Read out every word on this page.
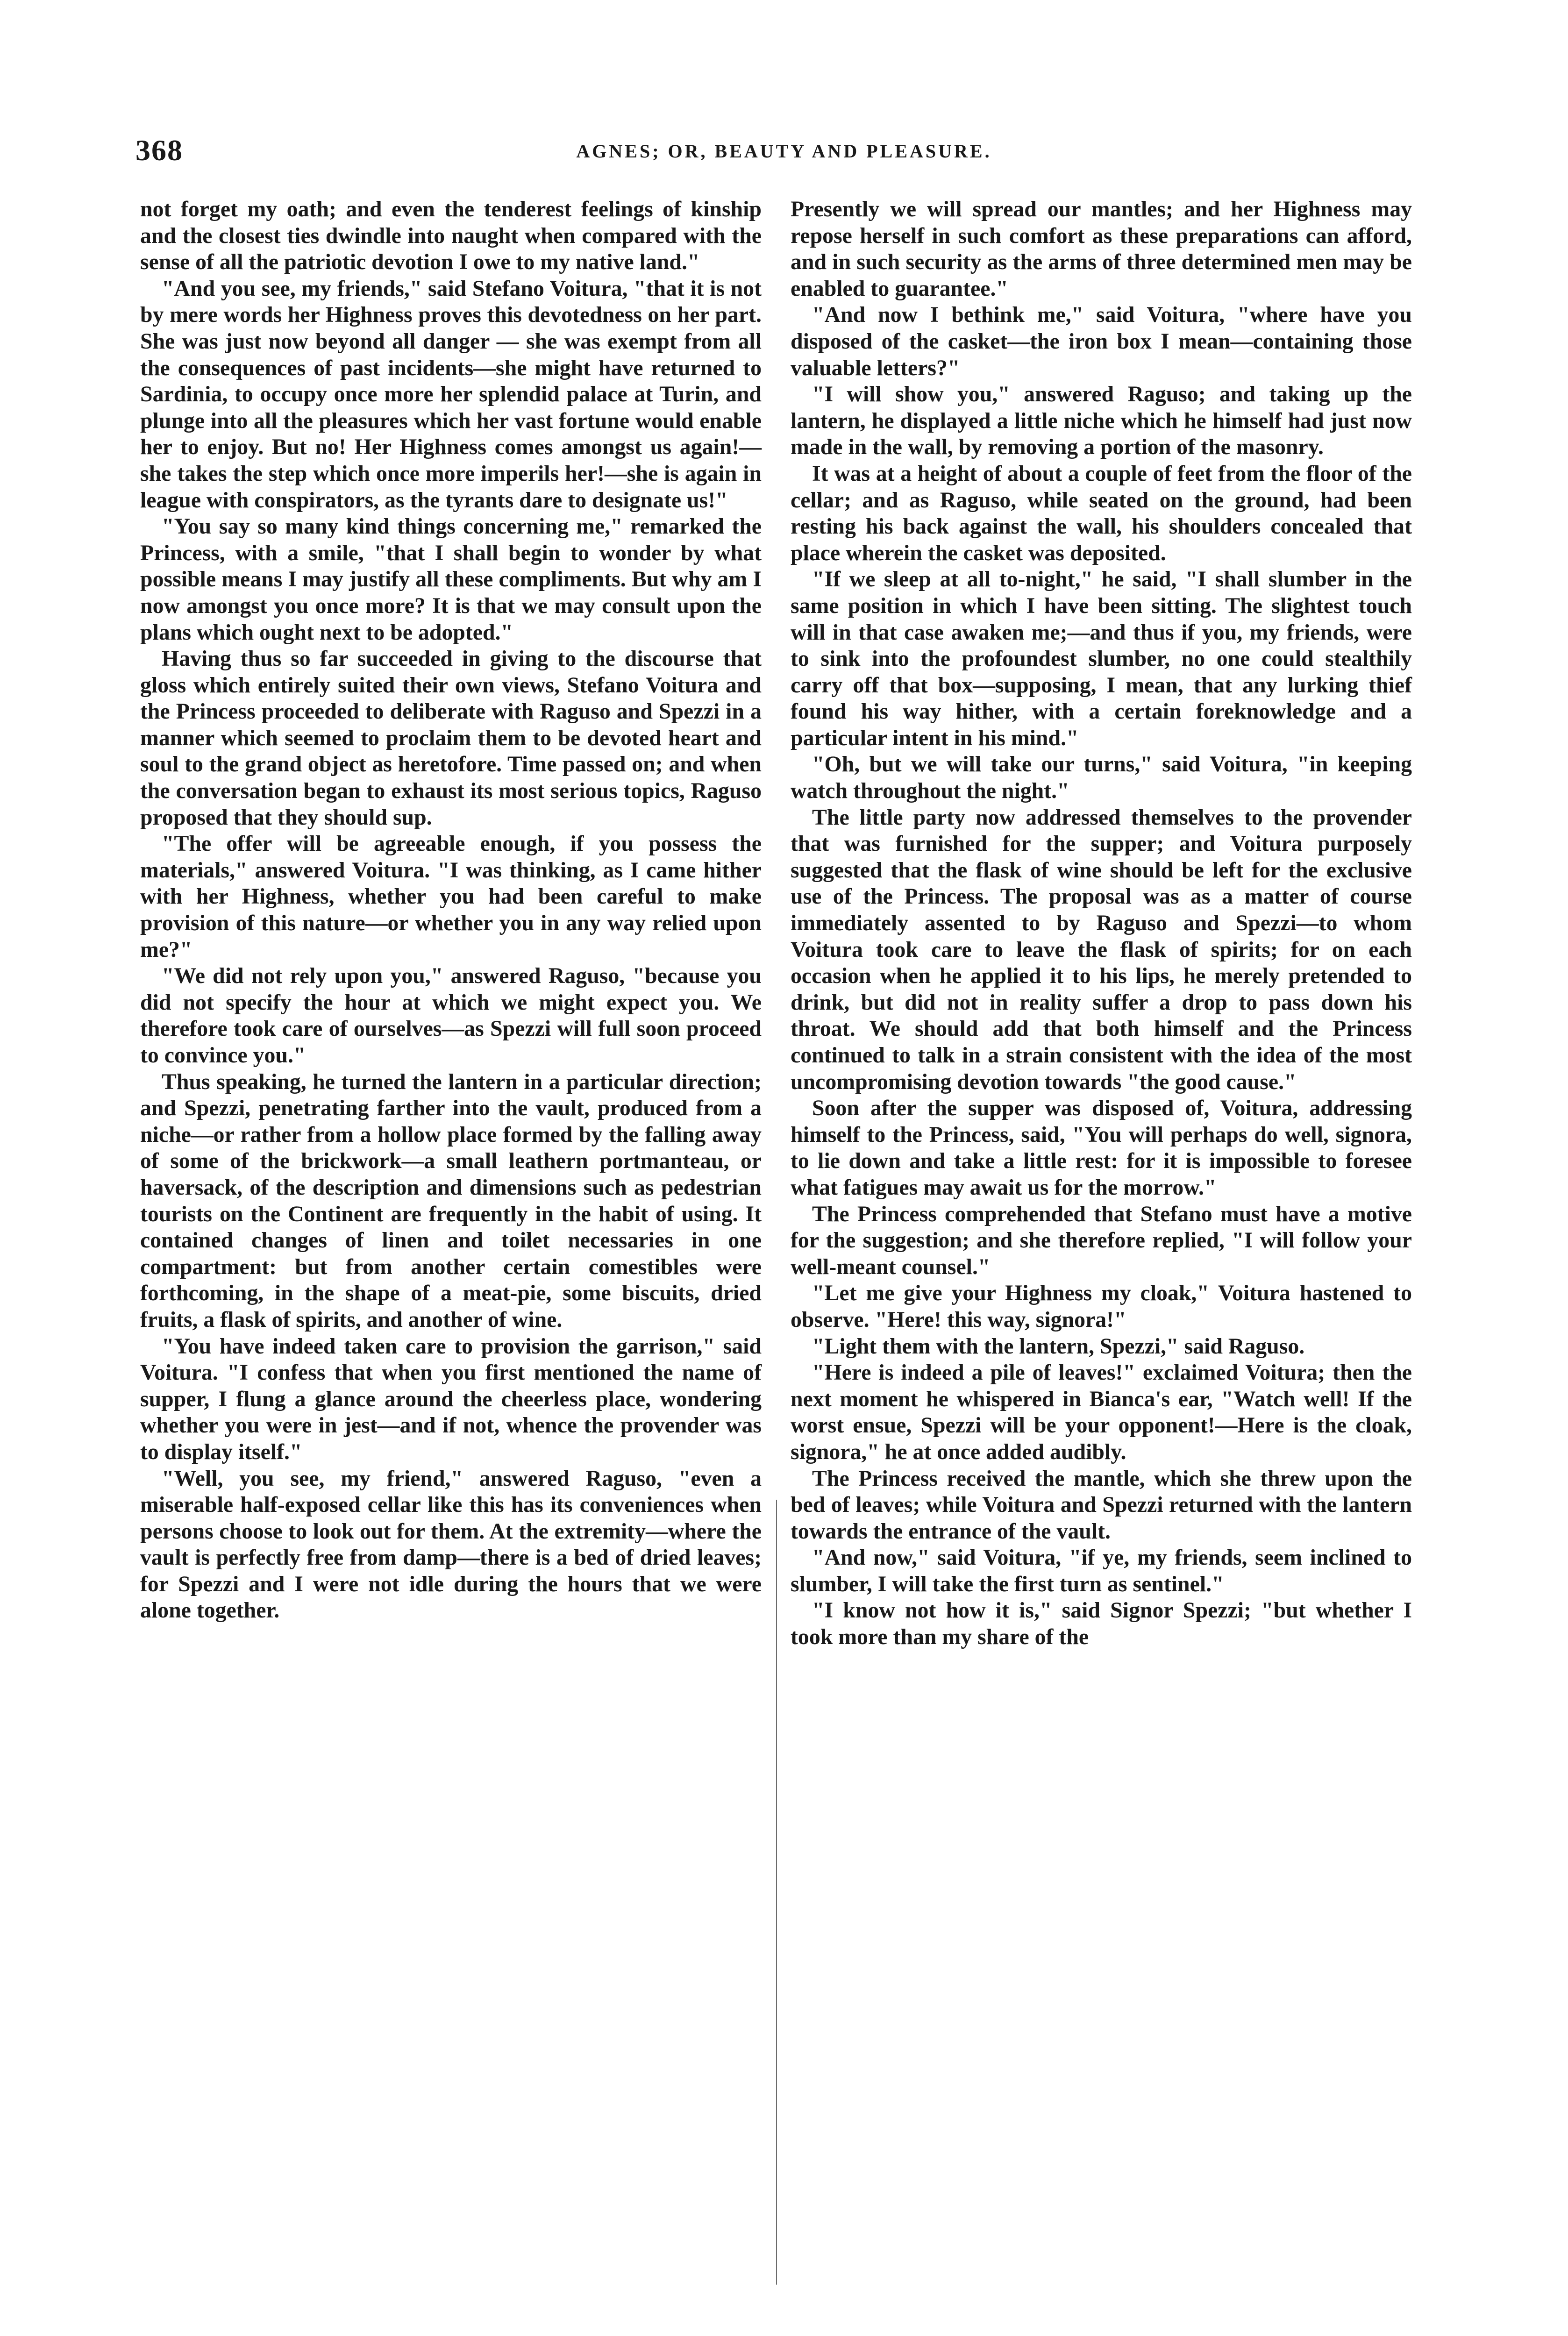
368	AGNES; OR, BEAUTY AND PLEASURE.

not forget my oath; and even the tenderest feelings of kinship and the closest ties dwindle into naught when compared with the sense of all the patriotic devotion I owe to my native land."

"And you see, my friends," said Stefano Voitura, "that it is not by mere words her Highness proves this devotedness on her part. She was just now beyond all danger — she was exempt from all the consequences of past incidents—she might have returned to Sardinia, to occupy once more her splendid palace at Turin, and plunge into all the pleasures which her vast fortune would enable her to enjoy. But no! Her Highness comes amongst us again!—she takes the step which once more imperils her!—she is again in league with conspirators, as the tyrants dare to designate us!"

"You say so many kind things concerning me," remarked the Princess, with a smile, "that I shall begin to wonder by what possible means I may justify all these compliments. But why am I now amongst you once more? It is that we may consult upon the plans which ought next to be adopted."

Having thus so far succeeded in giving to the discourse that gloss which entirely suited their own views, Stefano Voitura and the Princess proceeded to deliberate with Raguso and Spezzi in a manner which seemed to proclaim them to be devoted heart and soul to the grand object as heretofore. Time passed on; and when the conversation began to exhaust its most serious topics, Raguso proposed that they should sup.

"The offer will be agreeable enough, if you possess the materials," answered Voitura. "I was thinking, as I came hither with her Highness, whether you had been careful to make provision of this nature—or whether you in any way relied upon me?"

"We did not rely upon you," answered Raguso, "because you did not specify the hour at which we might expect you. We therefore took care of ourselves—as Spezzi will full soon proceed to convince you."

Thus speaking, he turned the lantern in a particular direction; and Spezzi, penetrating farther into the vault, produced from a niche—or rather from a hollow place formed by the falling away of some of the brickwork—a small leathern portmanteau, or haversack, of the description and dimensions such as pedestrian tourists on the Continent are frequently in the habit of using. It contained changes of linen and toilet necessaries in one compartment: but from another certain comestibles were forthcoming, in the shape of a meat-pie, some biscuits, dried fruits, a flask of spirits, and another of wine.

"You have indeed taken care to provision the garrison," said Voitura. "I confess that when you first mentioned the name of supper, I flung a glance around the cheerless place, wondering whether you were in jest—and if not, whence the provender was to display itself."

"Well, you see, my friend," answered Raguso, "even a miserable half-exposed cellar like this has its conveniences when persons choose to look out for them. At the extremity—where the vault is perfectly free from damp—there is a bed of dried leaves; for Spezzi and I were not idle during the hours that we were alone together.

Presently we will spread our mantles; and her Highness may repose herself in such comfort as these preparations can afford, and in such security as the arms of three determined men may be enabled to guarantee."

"And now I bethink me," said Voitura, "where have you disposed of the casket—the iron box I mean—containing those valuable letters?"

"I will show you," answered Raguso; and taking up the lantern, he displayed a little niche which he himself had just now made in the wall, by removing a portion of the masonry.

It was at a height of about a couple of feet from the floor of the cellar; and as Raguso, while seated on the ground, had been resting his back against the wall, his shoulders concealed that place wherein the casket was deposited.

"If we sleep at all to-night," he said, "I shall slumber in the same position in which I have been sitting. The slightest touch will in that case awaken me;—and thus if you, my friends, were to sink into the profoundest slumber, no one could stealthily carry off that box—supposing, I mean, that any lurking thief found his way hither, with a certain foreknowledge and a particular intent in his mind."

"Oh, but we will take our turns," said Voitura, "in keeping watch throughout the night."

The little party now addressed themselves to the provender that was furnished for the supper; and Voitura purposely suggested that the flask of wine should be left for the exclusive use of the Princess. The proposal was as a matter of course immediately assented to by Raguso and Spezzi—to whom Voitura took care to leave the flask of spirits; for on each occasion when he applied it to his lips, he merely pretended to drink, but did not in reality suffer a drop to pass down his throat. We should add that both himself and the Princess continued to talk in a strain consistent with the idea of the most uncompromising devotion towards "the good cause."

Soon after the supper was disposed of, Voitura, addressing himself to the Princess, said, "You will perhaps do well, signora, to lie down and take a little rest: for it is impossible to foresee what fatigues may await us for the morrow."

The Princess comprehended that Stefano must have a motive for the suggestion; and she therefore replied, "I will follow your well-meant counsel."

"Let me give your Highness my cloak," Voitura hastened to observe. "Here! this way, signora!"

"Light them with the lantern, Spezzi," said Raguso.

"Here is indeed a pile of leaves!" exclaimed Voitura; then the next moment he whispered in Bianca's ear, "Watch well! If the worst ensue, Spezzi will be your opponent!—Here is the cloak, signora," he at once added audibly.

The Princess received the mantle, which she threw upon the bed of leaves; while Voitura and Spezzi returned with the lantern towards the entrance of the vault.

"And now," said Voitura, "if ye, my friends, seem inclined to slumber, I will take the first turn as sentinel."

"I know not how it is," said Signor Spezzi; "but whether I took more than my share of the
